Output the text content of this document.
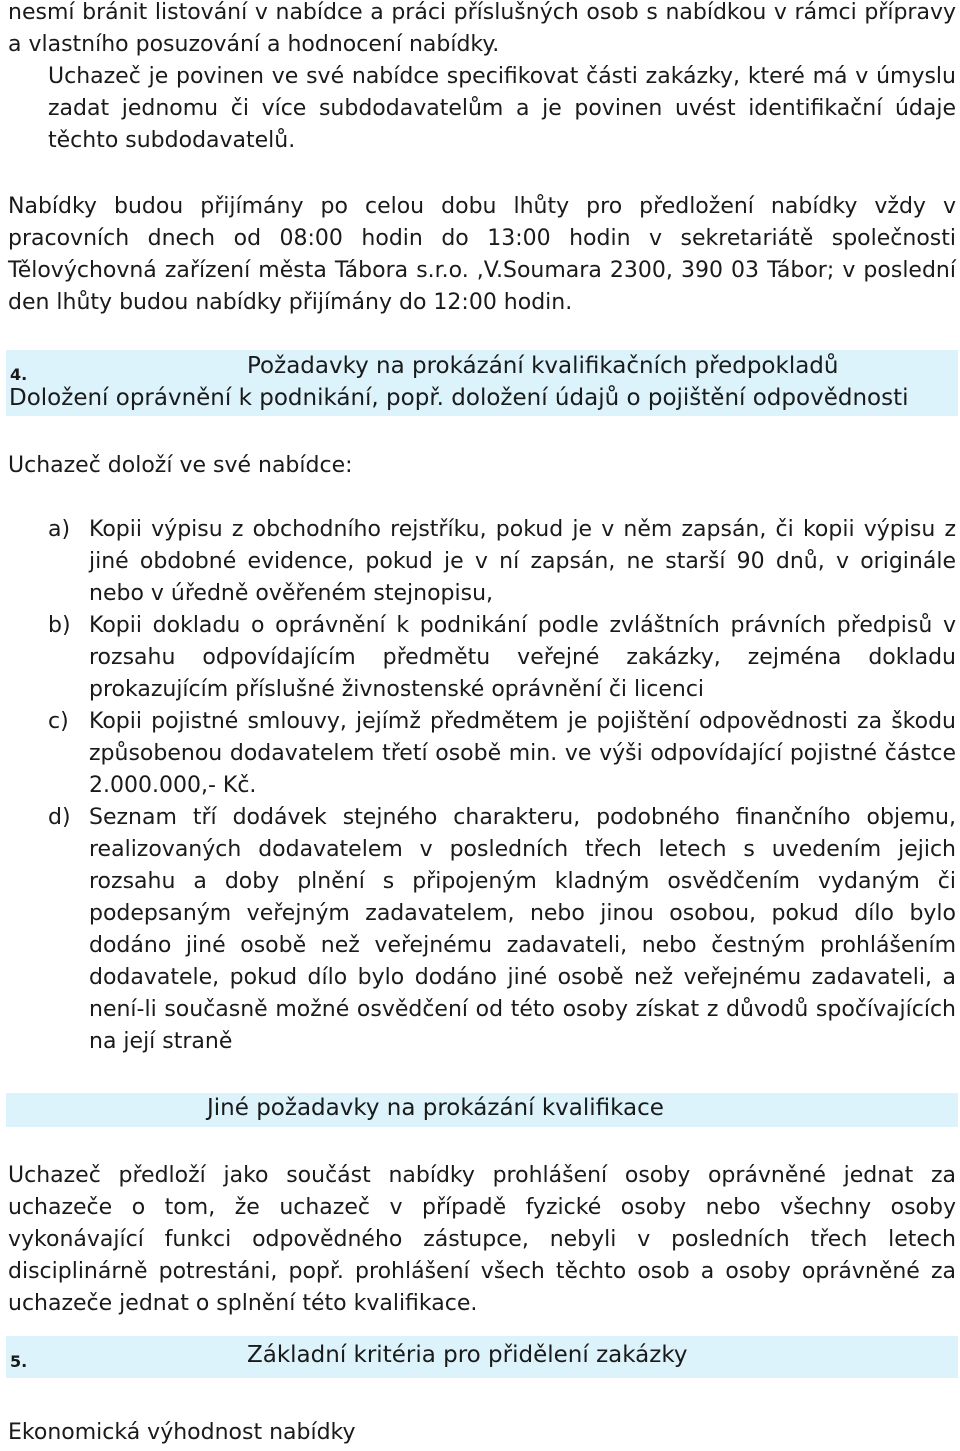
nesmí bránit listování v nabídce a práci příslušných osob s nabídkou v rámci přípravy a vlastního posuzování a hodnocení nabídky.

Uchazeč je povinen ve své nabídce specifikovat části zakázky, které má v úmyslu zadat jednomu či více subdodavatelům a je povinen uvést identifikační údaje těchto subdodavatelů.

Nabídky budou přijímány po celou dobu lhůty pro předložení nabídky vždy v pracovních dnech od 08:00 hodin do 13:00 hodin v sekretariátě společnosti Tělovýchovná zařízení města Tábora s.r.o. ,V.Soumara 2300, 390 03 Tábor; v poslední den lhůty budou nabídky přijímány do 12:00 hodin.

4.	Požadavky na prokázání kvalifikačních předpokladů
Doložení oprávnění k podnikání, popř. doložení údajů o pojištění odpovědnosti

Uchazeč doloží ve své nabídce:

a) Kopii výpisu z obchodního rejstříku, pokud je v něm zapsán, či kopii výpisu z jiné obdobné evidence, pokud je v ní zapsán, ne starší 90 dnů, v originále nebo v úředně ověřeném stejnopisu,
b) Kopii dokladu o oprávnění k podnikání podle zvláštních právních předpisů v rozsahu odpovídajícím předmětu veřejné zakázky, zejména dokladu prokazujícím příslušné živnostenské oprávnění či licenci
c) Kopii pojistné smlouvy, jejímž předmětem je pojištění odpovědnosti za škodu způsobenou dodavatelem třetí osobě min. ve výši odpovídající pojistné částce 2.000.000,- Kč.
d) Seznam tří dodávek stejného charakteru, podobného finančního objemu, realizovaných dodavatelem v posledních třech letech s uvedením jejich rozsahu a doby plnění s připojeným kladným osvědčením vydaným či podepsaným veřejným zadavatelem, nebo jinou osobou, pokud dílo bylo dodáno jiné osobě než veřejnému zadavateli, nebo čestným prohlášením dodavatele, pokud dílo bylo dodáno jiné osobě než veřejnému zadavateli, a není-li současně možné osvědčení od této osoby získat z důvodů spočívajících na její straně
Jiné požadavky na prokázání kvalifikace

Uchazeč předloží jako součást nabídky prohlášení osoby oprávněné jednat za uchazeče o tom, že uchazeč v případě fyzické osoby nebo všechny osoby vykonávající funkci odpovědného zástupce, nebyli v posledních třech letech disciplinárně potrestáni, popř. prohlášení všech těchto osob a osoby oprávněné za uchazeče jednat o splnění této kvalifikace.

5.	Základní kritéria pro přidělení zakázky

Ekonomická výhodnost nabídky
